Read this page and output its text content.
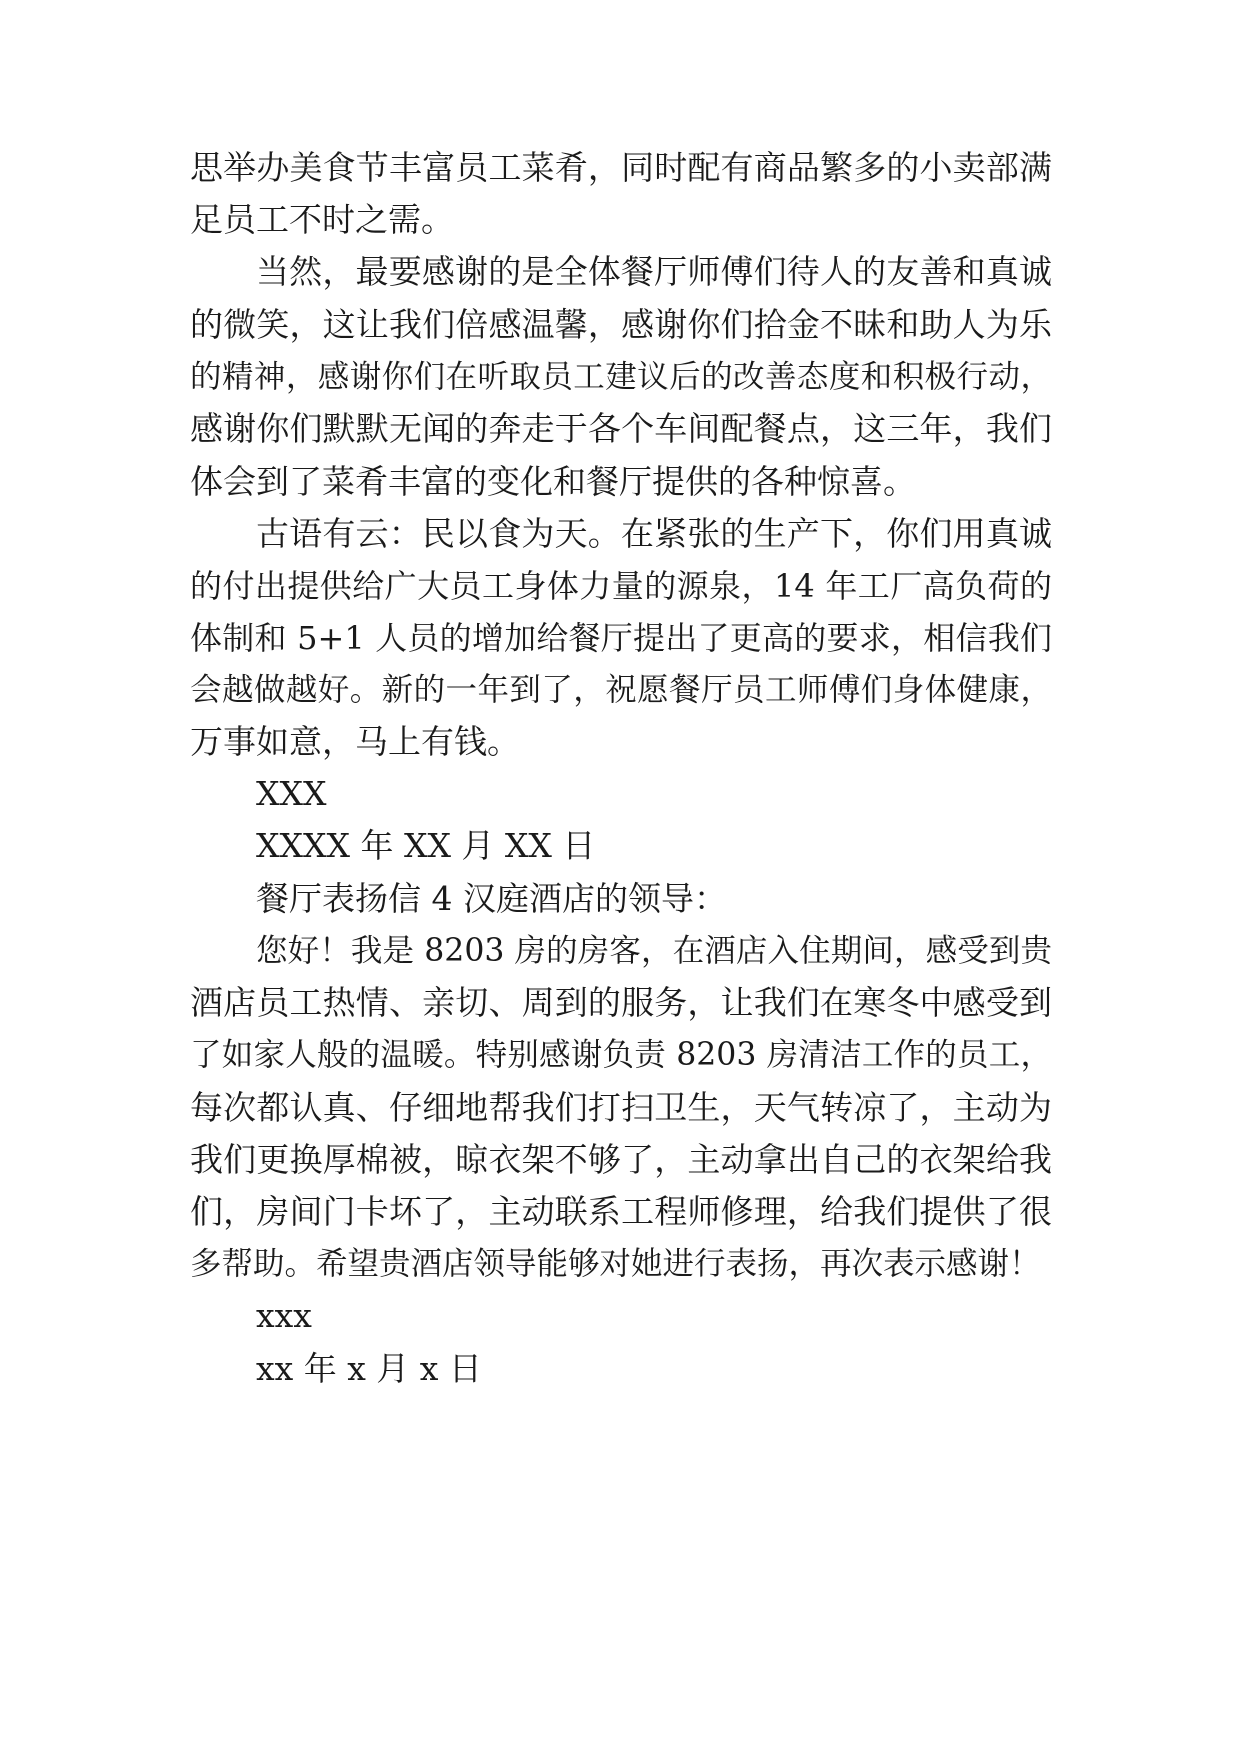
思举办美食节丰富员工菜肴，同时配有商品繁多的小卖部满
足员工不时之需。
当然，最要感谢的是全体餐厅师傅们待人的友善和真诚
的微笑，这让我们倍感温馨，感谢你们拾金不昧和助人为乐
的精神，感谢你们在听取员工建议后的改善态度和积极行动，
感谢你们默默无闻的奔走于各个车间配餐点，这三年，我们
体会到了菜肴丰富的变化和餐厅提供的各种惊喜。
古语有云：民以食为天。在紧张的生产下，你们用真诚
的付出提供给广大员工身体力量的源泉，14 年工厂高负荷的
体制和 5+1 人员的增加给餐厅提出了更高的要求，相信我们
会越做越好。新的一年到了，祝愿餐厅员工师傅们身体健康，
万事如意，马上有钱。
XXX
XXXX 年 XX 月 XX 日
餐厅表扬信 4 汉庭酒店的领导：
您好！我是 8203 房的房客，在酒店入住期间，感受到贵
酒店员工热情、亲切、周到的服务，让我们在寒冬中感受到
了如家人般的温暖。特别感谢负责 8203 房清洁工作的员工，
每次都认真、仔细地帮我们打扫卫生，天气转凉了，主动为
我们更换厚棉被，晾衣架不够了，主动拿出自己的衣架给我
们，房间门卡坏了，主动联系工程师修理，给我们提供了很
多帮助。希望贵酒店领导能够对她进行表扬，再次表示感谢！
xxx
xx 年 x 月 x 日
